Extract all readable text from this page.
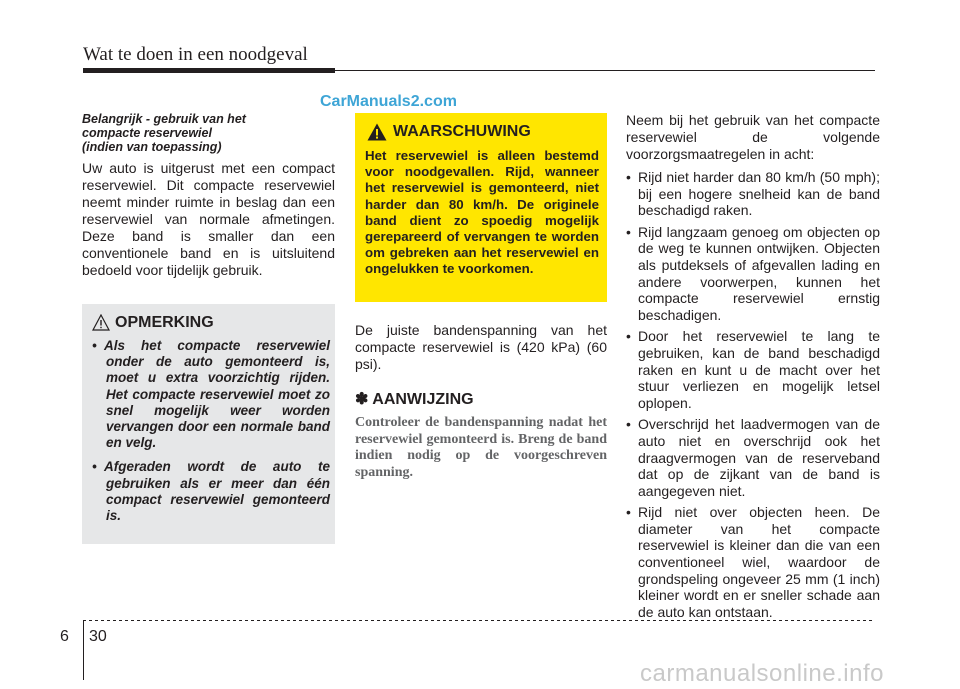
Wat te doen in een noodgeval
CarManuals2.com
Belangrijk - gebruik van het
compacte reservewiel
(indien van toepassing)

Uw auto is uitgerust met een compact reservewiel. Dit compacte reservewiel neemt minder ruimte in beslag dan een reservewiel van normale afmetingen. Deze band is smaller dan een conventionele band en is uitsluitend bedoeld voor tijdelijk gebruik.

OPMERKING
• Als het compacte reservewiel onder de auto gemonteerd is, moet u extra voorzichtig rijden. Het compacte reservewiel moet zo snel mogelijk weer worden vervangen door een normale band en velg.
• Afgeraden wordt de auto te gebruiken als er meer dan één compact reservewiel gemonteerd is.
WAARSCHUWING
Het reservewiel is alleen bestemd voor noodgevallen. Rijd, wanneer het reservewiel is gemonteerd, niet harder dan 80 km/h. De originele band dient zo spoedig mogelijk gerepareerd of vervangen te worden om gebreken aan het reservewiel en ongelukken te voorkomen.
De juiste bandenspanning van het compacte reservewiel is (420 kPa) (60 psi).
✽ AANWIJZING
Controleer de bandenspanning nadat het reservewiel gemonteerd is. Breng de band indien nodig op de voorgeschreven spanning.

Neem bij het gebruik van het compacte reservewiel de volgende voorzorgsmaatregelen in acht:

• Rijd niet harder dan 80 km/h (50 mph); bij een hogere snelheid kan de band beschadigd raken.
• Rijd langzaam genoeg om objecten op de weg te kunnen ontwijken. Objecten als putdeksels of afgevallen lading en andere voorwerpen, kunnen het compacte reservewiel ernstig beschadigen.
• Door het reservewiel te lang te gebruiken, kan de band beschadigd raken en kunt u de macht over het stuur verliezen en mogelijk letsel oplopen.
• Overschrijd het laadvermogen van de auto niet en overschrijd ook het draagvermogen van de reserveband dat op de zijkant van de band is aangegeven niet.
• Rijd niet over objecten heen. De diameter van het compacte reservewiel is kleiner dan die van een conventioneel wiel, waardoor de grondspeling ongeveer 25 mm (1 inch) kleiner wordt en er sneller schade aan de auto kan ontstaan.
6 30
carmanualsonline.info
